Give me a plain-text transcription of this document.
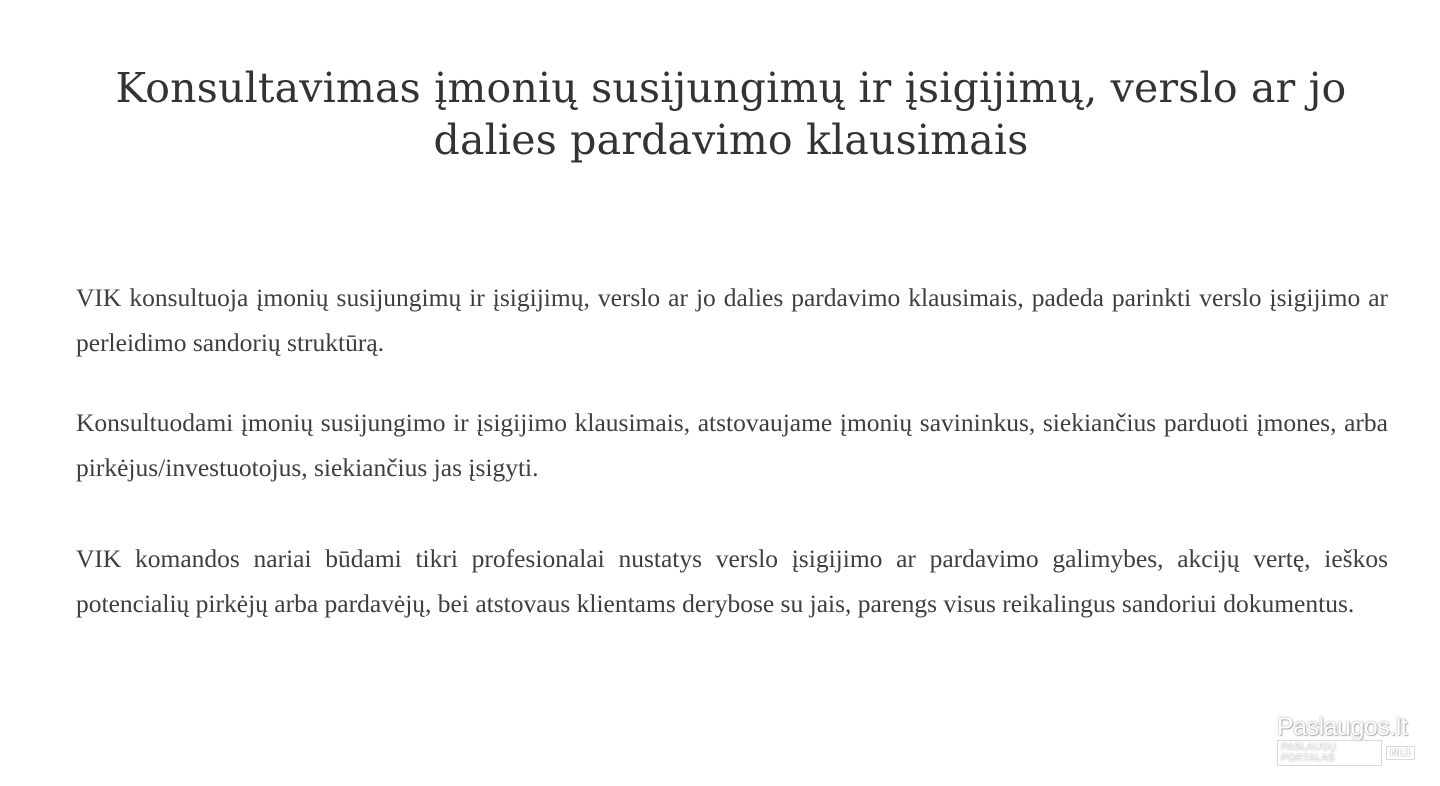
Konsultavimas įmonių susijungimų ir įsigijimų, verslo ar jo dalies pardavimo klausimais

VIK konsultuoja įmonių susijungimų ir įsigijimų, verslo ar jo dalies pardavimo klausimais, padeda parinkti verslo įsigijimo ar perleidimo sandorių struktūrą.

Konsultuodami įmonių susijungimo ir įsigijimo klausimais, atstovaujame įmonių savininkus, siekiančius parduoti įmones, arba pirkėjus/investuotojus, siekiančius jas įsigyti.

VIK komandos nariai būdami tikri profesionalai nustatys verslo įsigijimo ar pardavimo galimybes, akcijų vertę, ieškos potencialių pirkėjų arba pardavėjų, bei atstovaus klientams derybose su jais, parengs visus reikalingus sandoriui dokumentus.

Paslaugos.lt
PASLAUGŲ PORTALAS	Nr.1
